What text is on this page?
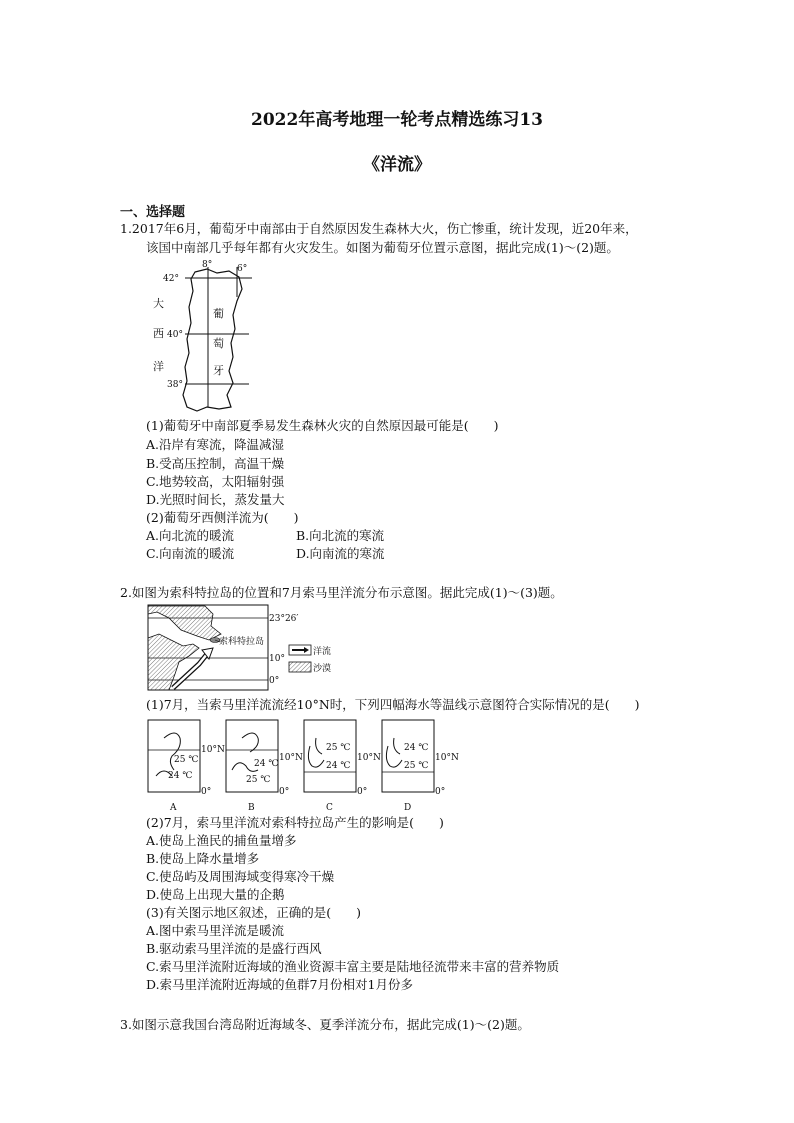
2022年高考地理一轮考点精选练习13
《洋流》
一、选择题
1.2017年6月，葡萄牙中南部由于自然原因发生森林大火，伤亡惨重，统计发现，近20年来，
该国中南部几乎每年都有火灾发生。如图为葡萄牙位置示意图，据此完成(1)～(2)题。
8°	6°
42°
40°
38°
大
西
洋
葡
萄
牙
(1)葡萄牙中南部夏季易发生森林火灾的自然原因最可能是(　　)
A.沿岸有寒流，降温减湿
B.受高压控制，高温干燥
C.地势较高，太阳辐射强
D.光照时间长，蒸发量大
(2)葡萄牙西侧洋流为(　　)
A.向北流的暖流	B.向北流的寒流
C.向南流的暖流	D.向南流的寒流
2.如图为索科特拉岛的位置和7月索马里洋流分布示意图。据此完成(1)～(3)题。
23°26′
索科特拉岛
10°
0°
洋流
沙漠
(1)7月，当索马里洋流流经10°N时，下列四幅海水等温线示意图符合实际情况的是(　　)
25 ℃
24 ℃
10°N
0°
A
24 ℃
25 ℃
10°N
0°
B
25 ℃
24 ℃
10°N
0°
C
24 ℃
25 ℃
10°N
0°
D
(2)7月，索马里洋流对索科特拉岛产生的影响是(　　)
A.使岛上渔民的捕鱼量增多
B.使岛上降水量增多
C.使岛屿及周围海域变得寒冷干燥
D.使岛上出现大量的企鹅
(3)有关图示地区叙述，正确的是(　　)
A.图中索马里洋流是暖流
B.驱动索马里洋流的是盛行西风
C.索马里洋流附近海域的渔业资源丰富主要是陆地径流带来丰富的营养物质
D.索马里洋流附近海域的鱼群7月份相对1月份多
3.如图示意我国台湾岛附近海域冬、夏季洋流分布，据此完成(1)～(2)题。
